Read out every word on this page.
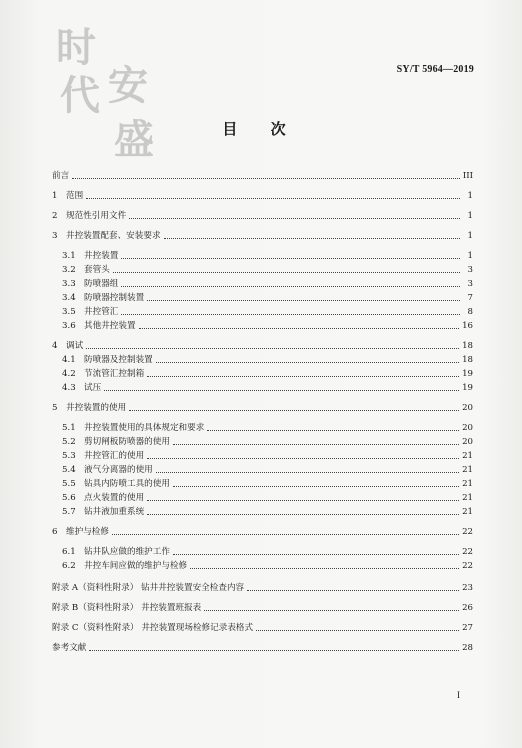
时
代 安
盛
SY/T 5964—2019
目 次
前言	III
1 范围	1
2 规范性引用文件	1
3 井控装置配套、安装要求	1
3.1 井控装置	1
3.2 套管头	3
3.3 防喷器组	3
3.4 防喷器控制装置	7
3.5 井控管汇	8
3.6 其他井控装置	16
4 调试	18
4.1 防喷器及控制装置	18
4.2 节流管汇控制箱	19
4.3 试压	19
5 井控装置的使用	20
5.1 井控装置使用的具体规定和要求	20
5.2 剪切闸板防喷器的使用	20
5.3 井控管汇的使用	21
5.4 液气分离器的使用	21
5.5 钻具内防喷工具的使用	21
5.6 点火装置的使用	21
5.7 钻井液加重系统	21
6 维护与检修	22
6.1 钻井队应做的维护工作	22
6.2 井控车间应做的维护与检修	22
附录 A（资料性附录） 钻井井控装置安全检查内容	23
附录 B（资料性附录） 井控装置班报表	26
附录 C（资料性附录） 井控装置现场检修记录表格式	27
参考文献	28
I
